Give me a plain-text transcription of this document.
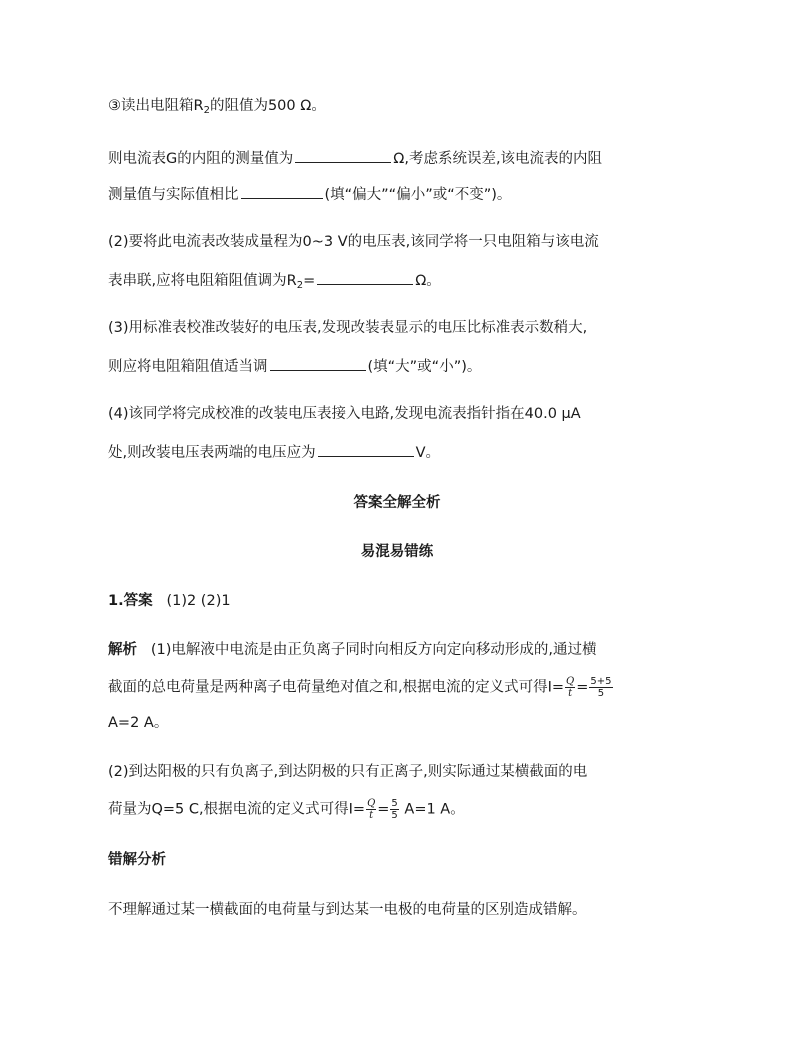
③读出电阻箱$R_2$的阻值为500 Ω。
则电流表G的内阻的测量值为	Ω,考虑系统误差,该电流表的内阻
测量值与实际值相比	(填“偏大”“偏小”或“不变”)。
(2)要将此电流表改装成量程为0~3 V的电压表,该同学将一只电阻箱与该电流
表串联,应将电阻箱阻值调为$R_2=$	Ω。
(3)用标准表校准改装好的电压表,发现改装表显示的电压比标准表示数稍大,
则应将电阻箱阻值适当调	(填“大”或“小”)。
(4)该同学将完成校准的改装电压表接入电路,发现电流表指针指在40.0 μA
处,则改装电压表两端的电压应为	V。
答案全解全析
易混易错练
1.答案 (1)2 (2)1
解析 (1)电解液中电流是由正负离子同时向相反方向定向移动形成的,通过横
截面的总电荷量是两种离子电荷量绝对值之和,根据电流的定义式可得$I= \frac{Q}{t} = \frac{5+5}{5}$
A=2 A。
(2)到达阳极的只有负离子,到达阴极的只有正离子,则实际通过某横截面的电
荷量为Q=5 C,根据电流的定义式可得$I= \frac{Q}{t} = \frac{5}{5} A=1$ A。
错解分析
不理解通过某一横截面的电荷量与到达某一电极的电荷量的区别造成错解。
